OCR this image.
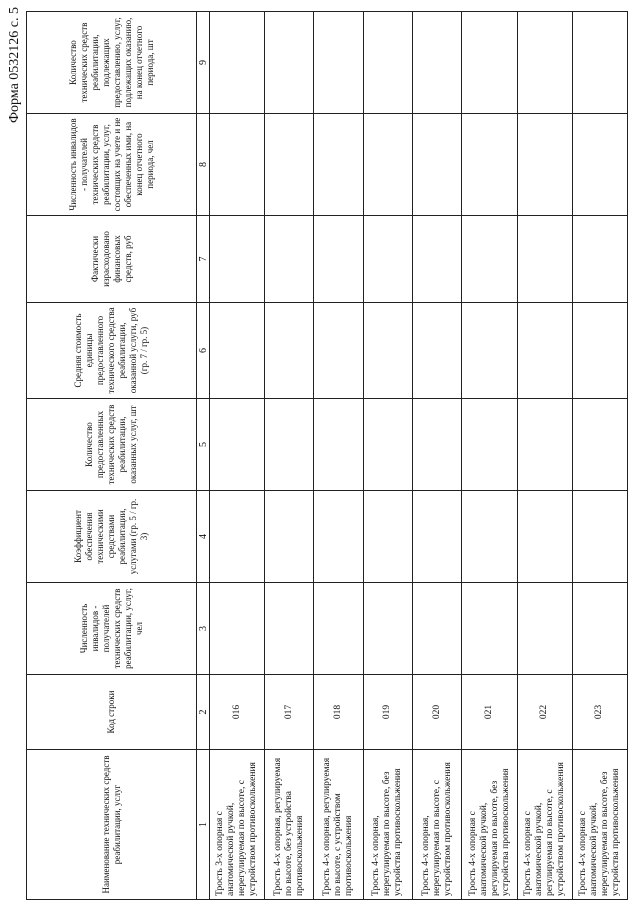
Форма 0532126 с. 5
Наименование технических средств реабилитации, услуг	Код строки	Численность инвалидов - получателей технических средств реабилитации, услуг, чел	Коэффициент обеспечения техническими средствами реабилитации, услугами (гр. 5 / гр. 3)	Количество предоставленных технических средств реабилитации, оказанных услуг, шт	Средняя стоимость единицы предоставленного технического средства реабилитации, оказанной услуги, руб (гр. 7 / гр. 5)	Фактически израсходовано финансовых средств, руб	Численность инвалидов - получателей технических средств реабилитации, услуг, состоящих на учете и не обеспеченных ими, на конец отчетного периода, чел	Количество технических средств реабилитации, подлежащих предоставлению, услуг, подлежащих оказанию, на конец отчетного периода, шт
1	2	3	4	5	6	7	8	9
Трость 3-х опорная с анатомической ручкой, нерегулируемая по высоте, с устройством противоскольжения	016							
Трость 4-х опорная, регулируемая по высоте, без устройства противоскольжения	017							
Трость 4-х опорная, регулируемая по высоте, с устройством противоскольжения	018							
Трость 4-х опорная, нерегулируемая по высоте, без устройства противоскольжения	019							
Трость 4-х опорная, нерегулируемая по высоте, с устройством противоскольжения	020							
Трость 4-х опорная с анатомической ручкой, регулируемая по высоте, без устройства противоскольжения	021							
Трость 4-х опорная с анатомической ручкой, регулируемая по высоте, с устройством противоскольжения	022							
Трость 4-х опорная с анатомической ручкой, нерегулируемая по высоте, без устройства противоскольжения	023							
